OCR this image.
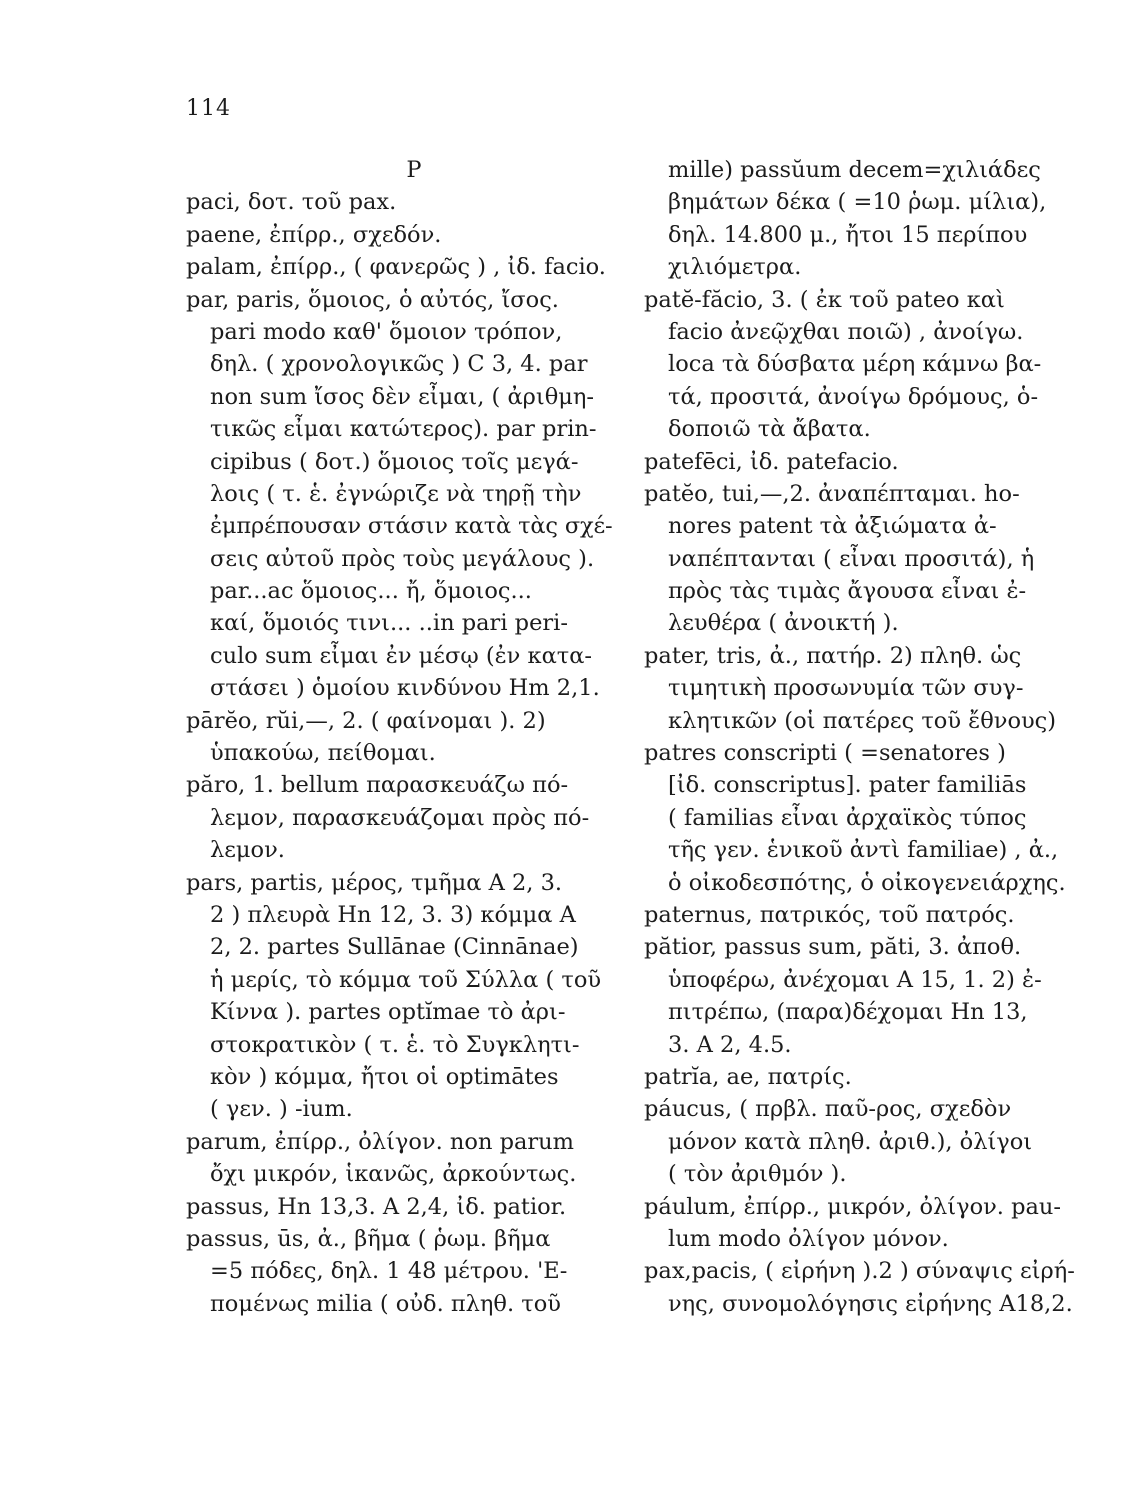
114
P
paci, δοτ. τοῦ pax.
paene, ἐπίρρ., σχεδόν.
palam, ἐπίρρ., ( φανερῶς ) , ἰδ. facio.
par, paris, ὅμοιος, ὁ αὐτός, ἴσος.
pari modo καθ' ὅμοιον τρόπον,
δηλ. ( χρονολογικῶς ) C 3, 4. par
non sum ἴσος δὲν εἶμαι, ( ἀριθμη-
τικῶς εἶμαι κατώτερος). par prin-
cipibus ( δοτ.) ὅμοιος τοῖς μεγά-
λοις ( τ. ἑ. ἐγνώριζε νὰ τηρῇ τὴν
ἐμπρέπουσαν στάσιν κατὰ τὰς σχέ-
σεις αὐτοῦ πρὸς τοὺς μεγάλους ).
par...ac ὅμοιος... ἤ, ὅμοιος...
καί, ὅμοιός τινι... ..in pari peri-
culo sum εἶμαι ἐν μέσῳ (ἐν κατα-
στάσει ) ὁμοίου κινδύνου Hm 2,1.
pārĕo, rŭi,—, 2. ( φαίνομαι ). 2)
ὑπακούω, πείθομαι.
păro, 1. bellum παρασκευάζω πό-
λεμον, παρασκευάζομαι πρὸς πό-
λεμον.
pars, partis, μέρος, τμῆμα A 2, 3.
2 ) πλευρὰ Hn 12, 3. 3) κόμμα A
2, 2. partes Sullānae (Cinnānae)
ἡ μερίς, τὸ κόμμα τοῦ Σύλλα ( τοῦ
Κίννα ). partes optĭmae τὸ ἀρι-
στοκρατικὸν ( τ. ἑ. τὸ Συγκλητι-
κὸν ) κόμμα, ἤτοι οἱ optimātes
( γεν. ) -ium.
parum, ἐπίρρ., ὀλίγον. non parum
ὄχι μικρόν, ἱκανῶς, ἀρκούντως.
passus, Hn 13,3. A 2,4, ἰδ. patior.
passus, ūs, ἀ., βῆμα ( ῥωμ. βῆμα
=5 πόδες, δηλ. 1 48 μέτρου. 'Ε-
πομένως milia ( οὐδ. πληθ. τοῦ
mille) passŭum decem=χιλιάδες
βημάτων δέκα ( =10 ῥωμ. μίλια),
δηλ. 14.800 μ., ἤτοι 15 περίπου
χιλιόμετρα.
patĕ-făcio, 3. ( ἐκ τοῦ pateo καὶ
facio ἀνεῷχθαι ποιῶ) , ἀνοίγω.
loca τὰ δύσβατα μέρη κάμνω βα-
τά, προσιτά, ἀνοίγω δρόμους, ὁ-
δοποιῶ τὰ ἄβατα.
patefēci, ἰδ. patefacio.
patĕo, tui,—,2. ἀναπέπταμαι. ho-
nores patent τὰ ἀξιώματα ἀ-
ναπέπτανται ( εἶναι προσιτά), ἡ
πρὸς τὰς τιμὰς ἄγουσα εἶναι ἐ-
λευθέρα ( ἀνοικτή ).
pater, tris, ἀ., πατήρ. 2) πληθ. ὡς
τιμητικὴ προσωνυμία τῶν συγ-
κλητικῶν (οἱ πατέρες τοῦ ἔθνους)
patres conscripti ( =senatores )
[ἰδ. conscriptus]. pater familiās
( familias εἶναι ἀρχαϊκὸς τύπος
τῆς γεν. ἑνικοῦ ἀντὶ familiae) , ἀ.,
ὁ οἰκοδεσπότης, ὁ οἰκογενειάρχης.
paternus, πατρικός, τοῦ πατρός.
pătior, passus sum, păti, 3. ἀποθ.
ὑποφέρω, ἀνέχομαι A 15, 1. 2) ἐ-
πιτρέπω, (παρα)δέχομαι Hn 13,
3. A 2, 4.5.
patrĭa, ae, πατρίς.
páucus, ( πρβλ. παῦ-ρος, σχεδὸν
μόνον κατὰ πληθ. ἀριθ.), ὀλίγοι
( τὸν ἀριθμόν ).
páulum, ἐπίρρ., μικρόν, ὀλίγον. pau-
lum modo ὀλίγον μόνον.
pax,pacis, ( εἰρήνη ).2 ) σύναψις εἰρή-
νης, συνομολόγησις εἰρήνης A18,2.
